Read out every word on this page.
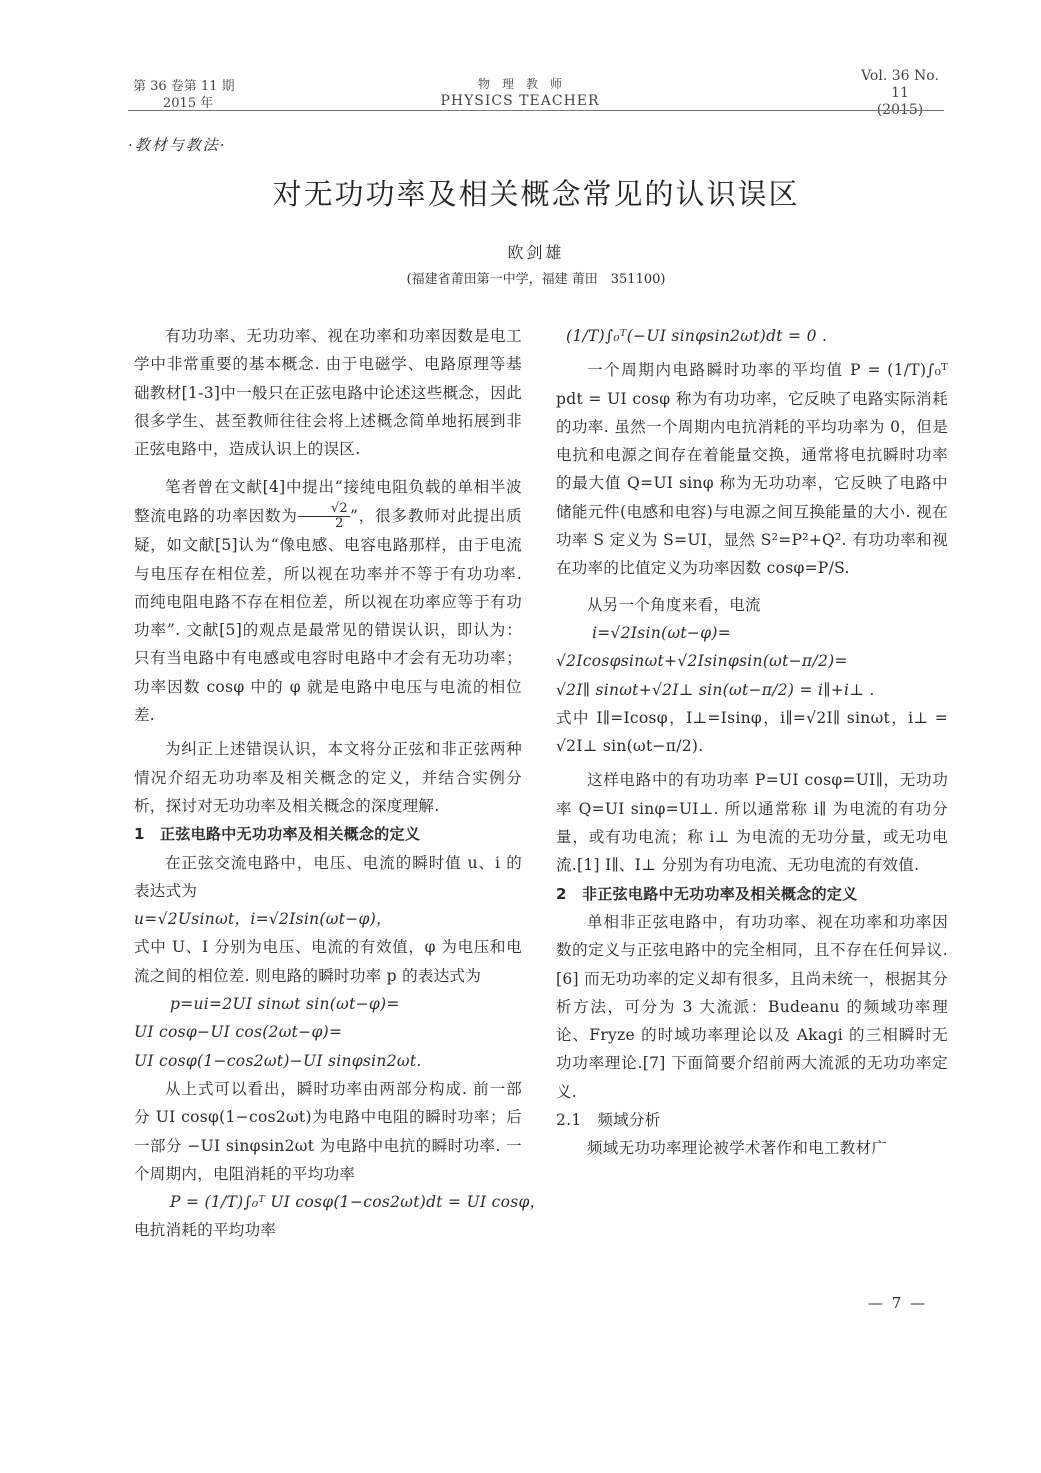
第 36 卷第 11 期
2015 年
物　理　教　师
PHYSICS TEACHER
Vol. 36 No. 11
(2015)
·教材与教法·
对无功功率及相关概念常见的认识误区
欧剑雄
(福建省莆田第一中学，福建 莆田　351100)

有功功率、无功功率、视在功率和功率因数是电工学中非常重要的基本概念. 由于电磁学、电路原理等基础教材[1-3]中一般只在正弦电路中论述这些概念，因此很多学生、甚至教师往往会将上述概念简单地拓展到非正弦电路中，造成认识上的误区.

笔者曾在文献[4]中提出“接纯电阻负载的单相半波整流电路的功率因数为 $\frac{√2}{2}$ ”，很多教师对此提出质疑，如文献[5]认为“像电感、电容电路那样，由于电流与电压存在相位差，所以视在功率并不等于有功功率. 而纯电阻电路不存在相位差，所以视在功率应等于有功功率”. 文献[5]的观点是最常见的错误认识，即认为：只有当电路中有电感或电容时电路中才会有无功功率；功率因数 cosφ 中的 φ 就是电路中电压与电流的相位差.

为纠正上述错误认识，本文将分正弦和非正弦两种情况介绍无功功率及相关概念的定义，并结合实例分析，探讨对无功功率及相关概念的深度理解.

1　正弦电路中无功功率及相关概念的定义

在正弦交流电路中，电压、电流的瞬时值 u、i 的表达式为

u=√2Usinωt，i=√2Isin(ωt−φ)，

式中 U、I 分别为电压、电流的有效值，φ 为电压和电流之间的相位差. 则电路的瞬时功率 p 的表达式为

p=ui=2UI sinωt sin(ωt−φ)=

UI cosφ−UI cos(2ωt−φ)=

UI cosφ(1−cos2ωt)−UI sinφsin2ωt.

从上式可以看出，瞬时功率由两部分构成. 前一部分 UI cosφ(1−cos2ωt)为电路中电阻的瞬时功率；后一部分 −UI sinφsin2ωt 为电路中电抗的瞬时功率. 一个周期内，电阻消耗的平均功率

P = (1/T)∫₀ᵀ UI cosφ(1−cos2ωt)dt = UI cosφ，

电抗消耗的平均功率

(1/T)∫₀ᵀ(−UI sinφsin2ωt)dt = 0 .

一个周期内电路瞬时功率的平均值 P = (1/T)∫₀ᵀ pdt = UI cosφ 称为有功功率，它反映了电路实际消耗的功率. 虽然一个周期内电抗消耗的平均功率为 0，但是电抗和电源之间存在着能量交换，通常将电抗瞬时功率的最大值 Q=UI sinφ 称为无功功率，它反映了电路中储能元件(电感和电容)与电源之间互换能量的大小. 视在功率 S 定义为 S=UI，显然 S²=P²+Q². 有功功率和视在功率的比值定义为功率因数 cosφ=P/S.

从另一个角度来看，电流

i=√2Isin(ωt−φ)=

√2Icosφsinωt+√2Isinφsin(ωt−π/2)=

√2I∥ sinωt+√2I⊥ sin(ωt−π/2) = i∥+i⊥ .

式中 I∥=Icosφ，I⊥=Isinφ，i∥=√2I∥ sinωt，i⊥ = √2I⊥ sin(ωt−π/2).

这样电路中的有功功率 P=UI cosφ=UI∥，无功功率 Q=UI sinφ=UI⊥. 所以通常称 i∥ 为电流的有功分量，或有功电流；称 i⊥ 为电流的无功分量，或无功电流.[1] I∥、I⊥ 分别为有功电流、无功电流的有效值.

2　非正弦电路中无功功率及相关概念的定义

单相非正弦电路中，有功功率、视在功率和功率因数的定义与正弦电路中的完全相同，且不存在任何异议.[6] 而无功功率的定义却有很多，且尚未统一，根据其分析方法，可分为 3 大流派：Budeanu 的频域功率理论、Fryze 的时域功率理论以及 Akagi 的三相瞬时无功功率理论.[7] 下面简要介绍前两大流派的无功功率定义.

2.1　频域分析

频域无功功率理论被学术著作和电工教材广

— 7 —
